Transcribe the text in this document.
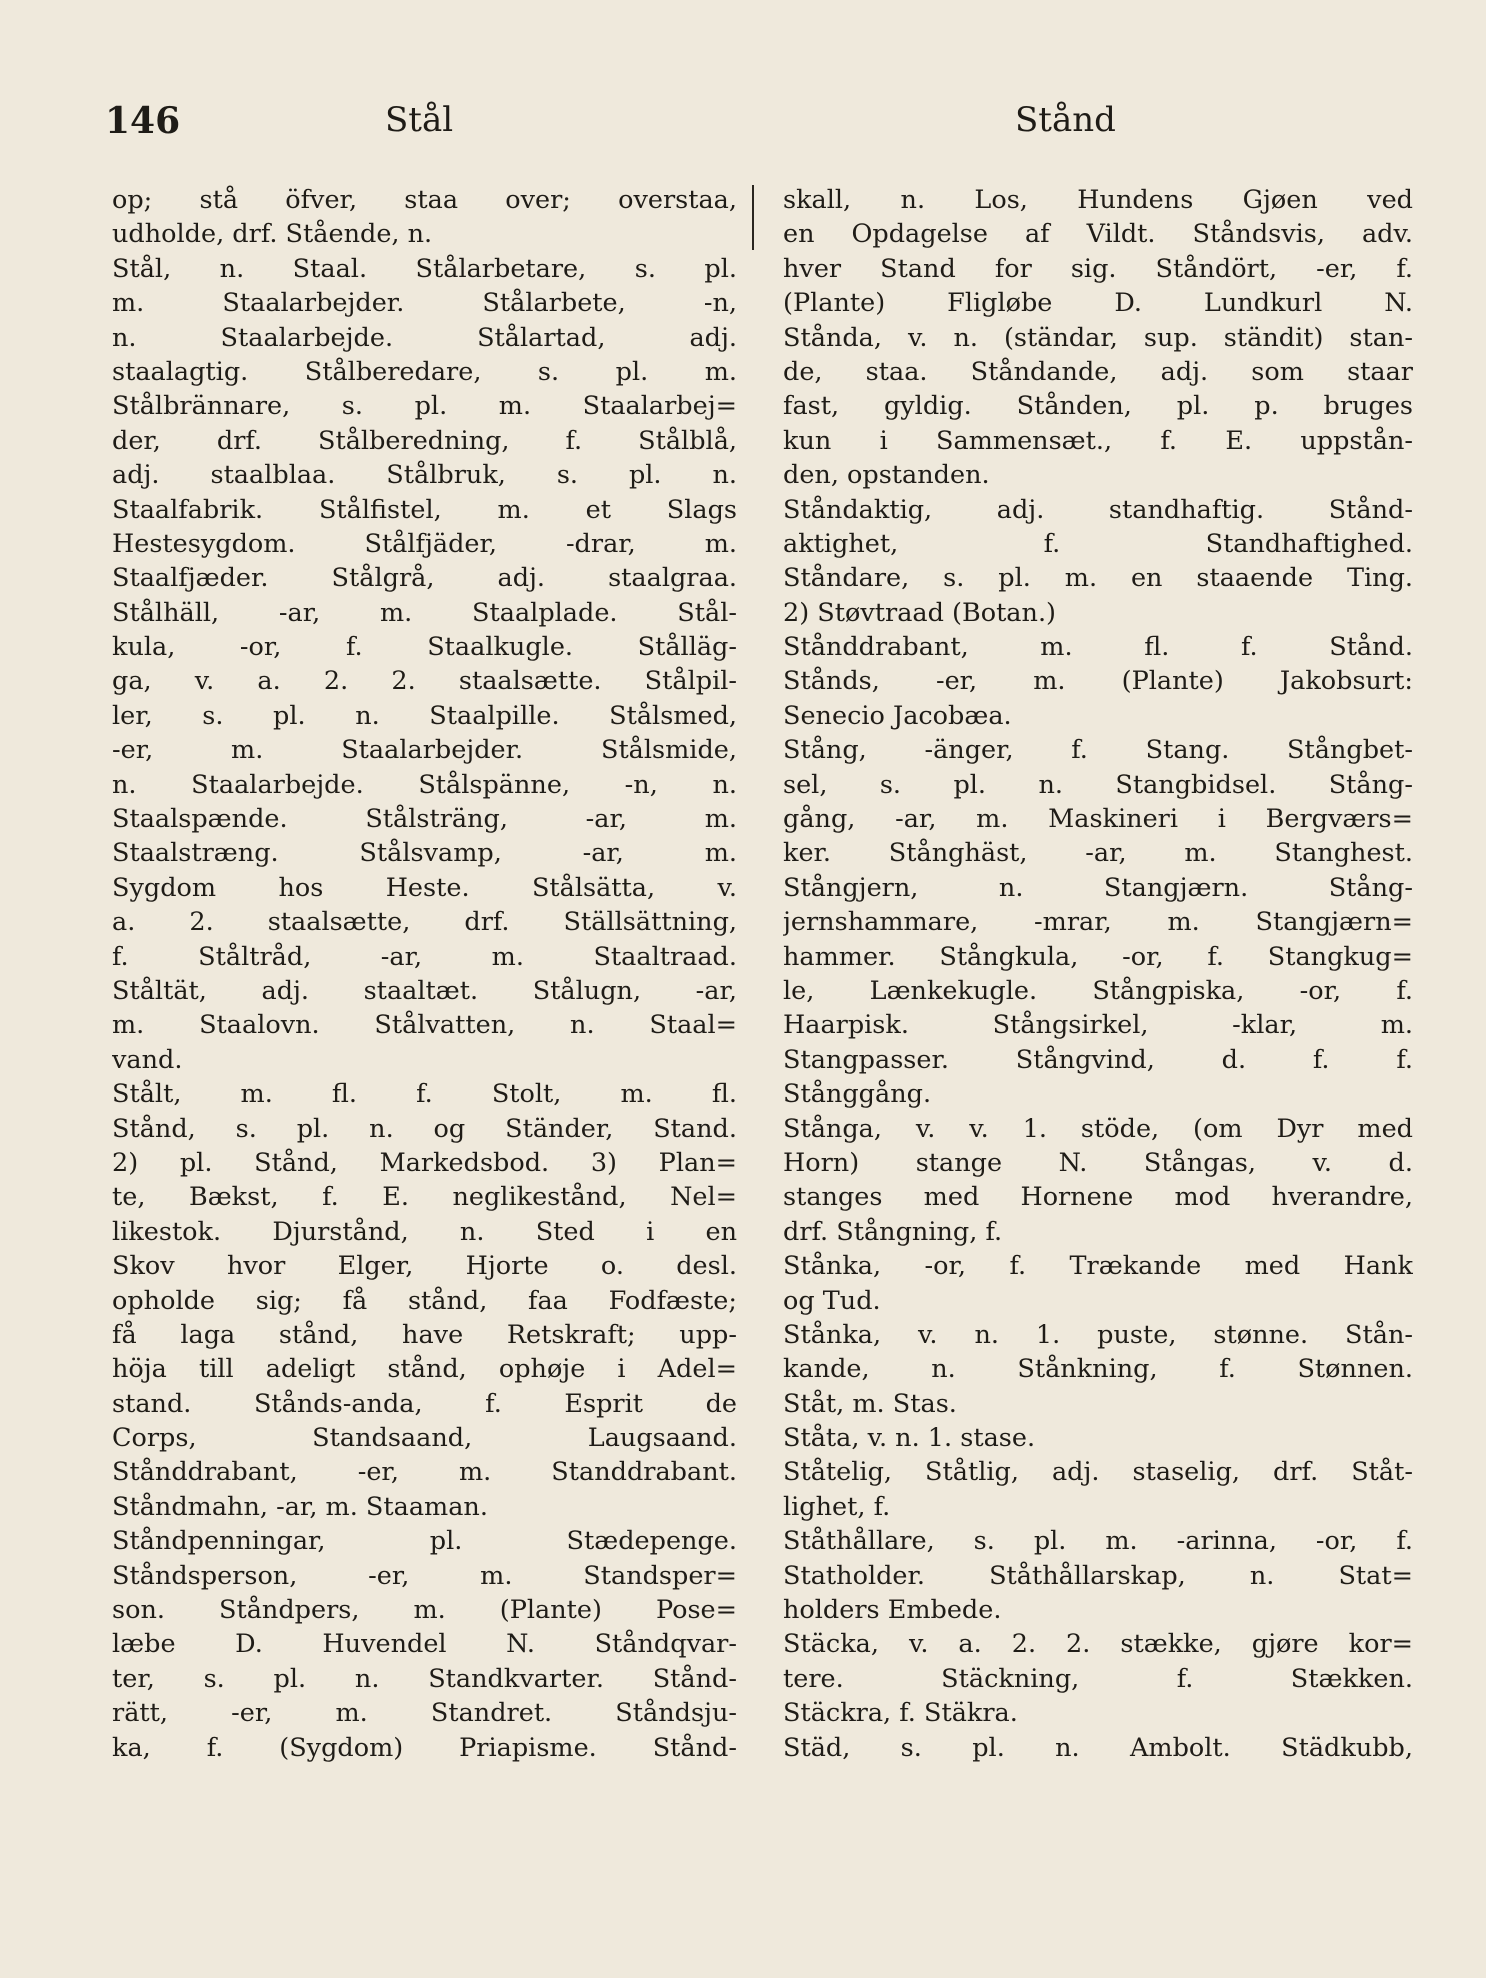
146	Stål	Stånd
op; stå öfver, staa over; overstaa,
udholde, drf. Stående, n.
Stål, n. Staal. Stålarbetare, s. pl.
m. Staalarbejder. Stålarbete, -n,
n. Staalarbejde. Stålartad, adj.
staalagtig. Stålberedare, s. pl. m.
Stålbrännare, s. pl. m. Staalarbej=
der, drf. Stålberedning, f. Stålblå,
adj. staalblaa. Stålbruk, s. pl. n.
Staalfabrik. Stålfistel, m. et Slags
Hestesygdom. Stålfjäder, -drar, m.
Staalfjæder. Stålgrå, adj. staalgraa.
Stålhäll, -ar, m. Staalplade. Stål-
kula, -or, f. Staalkugle. Stålläg-
ga, v. a. 2. 2. staalsætte. Stålpil-
ler, s. pl. n. Staalpille. Stålsmed,
-er, m. Staalarbejder. Stålsmide,
n. Staalarbejde. Stålspänne, -n, n.
Staalspænde. Stålsträng, -ar, m.
Staalstræng. Stålsvamp, -ar, m.
Sygdom hos Heste. Stålsätta, v.
a. 2. staalsætte, drf. Ställsättning,
f. Ståltråd, -ar, m. Staaltraad.
Ståltät, adj. staaltæt. Stålugn, -ar,
m. Staalovn. Stålvatten, n. Staal=
vand.
Stålt, m. fl. f. Stolt, m. fl.
Stånd, s. pl. n. og Ständer, Stand.
2) pl. Stånd, Markedsbod. 3) Plan=
te, Bækst, f. E. neglikestånd, Nel=
likestok. Djurstånd, n. Sted i en
Skov hvor Elger, Hjorte o. desl.
opholde sig; få stånd, faa Fodfæste;
få laga stånd, have Retskraft; upp-
höja till adeligt stånd, ophøje i Adel=
stand. Stånds-anda, f. Esprit de
Corps, Standsaand, Laugsaand.
Stånddrabant, -er, m. Standdrabant.
Ståndmahn, -ar, m. Staaman.
Ståndpenningar, pl. Stædepenge.
Ståndsperson, -er, m. Standsper=
son. Ståndpers, m. (Plante) Pose=
læbe D. Huvendel N. Ståndqvar-
ter, s. pl. n. Standkvarter. Stånd-
rätt, -er, m. Standret. Ståndsju-
ka, f. (Sygdom) Priapisme. Stånd-
skall, n. Los, Hundens Gjøen ved
en Opdagelse af Vildt. Ståndsvis, adv.
hver Stand for sig. Ståndört, -er, f.
(Plante) Fligløbe D. Lundkurl N.
Stånda, v. n. (ständar, sup. ständit) stan-
de, staa. Ståndande, adj. som staar
fast, gyldig. Stånden, pl. p. bruges
kun i Sammensæt., f. E. uppstån-
den, opstanden.
Ståndaktig, adj. standhaftig. Stånd-
aktighet, f. Standhaftighed.
Ståndare, s. pl. m. en staaende Ting.
2) Støvtraad (Botan.)
Stånddrabant, m. fl. f. Stånd.
Stånds, -er, m. (Plante) Jakobsurt:
Senecio Jacobæa.
Stång, -änger, f. Stang. Stångbet-
sel, s. pl. n. Stangbidsel. Stång-
gång, -ar, m. Maskineri i Bergværs=
ker. Stånghäst, -ar, m. Stanghest.
Stångjern, n. Stangjærn. Stång-
jernshammare, -mrar, m. Stangjærn=
hammer. Stångkula, -or, f. Stangkug=
le, Lænkekugle. Stångpiska, -or, f.
Haarpisk. Stångsirkel, -klar, m.
Stangpasser. Stångvind, d. f. f.
Stånggång.
Stånga, v. v. 1. stöde, (om Dyr med
Horn) stange N. Stångas, v. d.
stanges med Hornene mod hverandre,
drf. Stångning, f.
Stånka, -or, f. Trækande med Hank
og Tud.
Stånka, v. n. 1. puste, stønne. Stån-
kande, n. Stånkning, f. Stønnen.
Ståt, m. Stas.
Ståta, v. n. 1. stase.
Ståtelig, Ståtlig, adj. staselig, drf. Ståt-
lighet, f.
Ståthållare, s. pl. m. -arinna, -or, f.
Statholder. Ståthållarskap, n. Stat=
holders Embede.
Stäcka, v. a. 2. 2. stække, gjøre kor=
tere. Stäckning, f. Stækken.
Stäckra, f. Stäkra.
Städ, s. pl. n. Ambolt. Städkubb,
